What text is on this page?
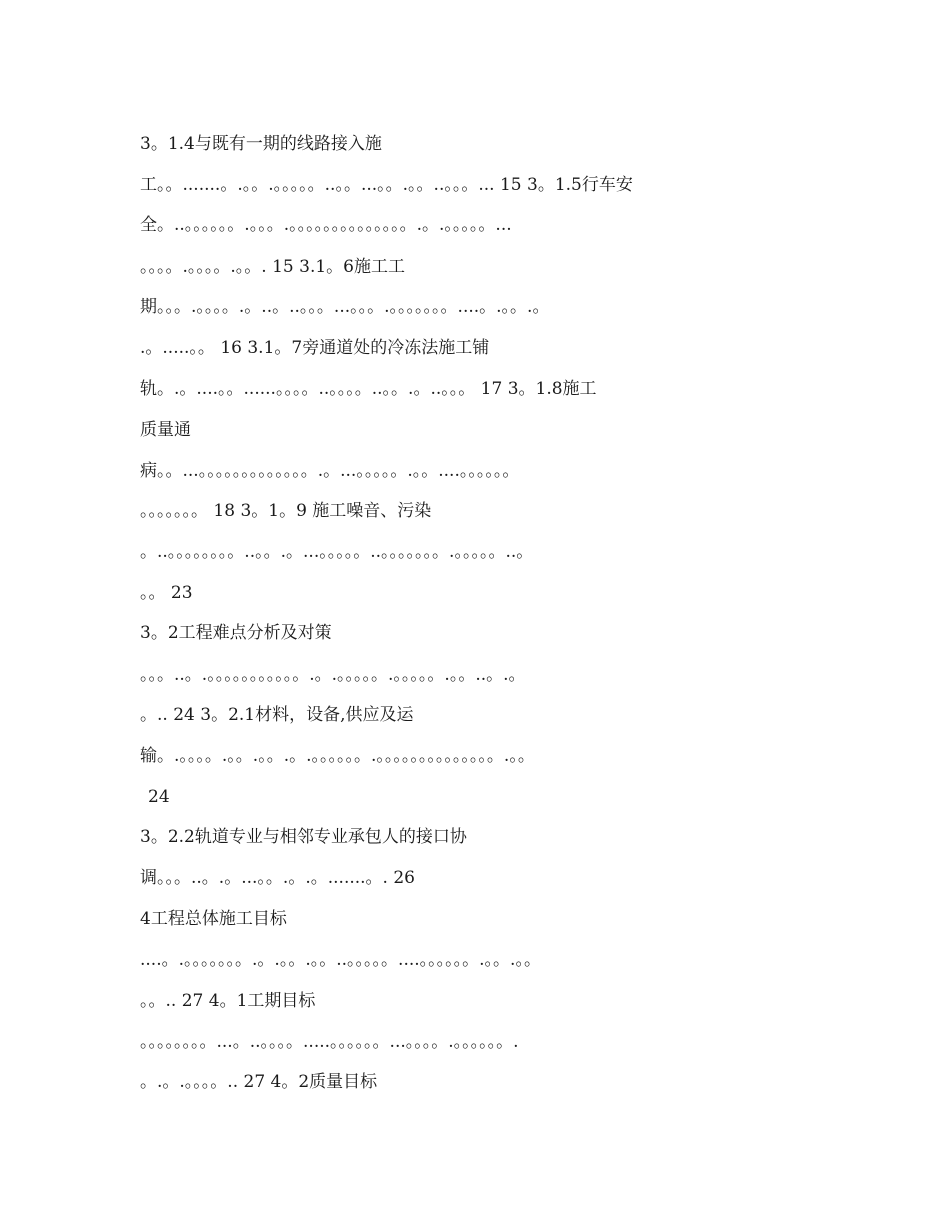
3。1.4与既有一期的线路接入施
工。。.......。.。。.。。。。。..。。...。。.。。..。。。... 15 3。1.5行车安
全。..。。。。。。.。。。.。。。。。。。。。。。。。。.。.。。。。。...
。。。。.。。。。.。。. 15 3.1。6施工工
期。。。.。。。。.。..。..。。。...。。。.。。。。。。。....。.。。.。
.。.....。。 16 3.1。7旁通道处的冷冻法施工铺
轨。.。....。。......。。。。..。。。。..。。.。..。。。 17 3。1.8施工
质量通
病。。...。。。。。。。。。。。。。.。...。。。。。.。。....。。。。。。
。。。。。。。 18 3。1。9 施工噪音、污染
。..。。。。。。。。..。。.。...。。。。。..。。。。。。。.。。。。。..。
。。 23
3。2工程难点分析及对策
。。。..。.。。。。。。。。。。。.。.。。。。。.。。。。。.。。..。.。
。.. 24 3。2.1材料，设备,供应及运
输。.。。。。.。。.。。.。.。。。。。。.。。。。。。。。。。。。。。.。。
24
3。2.2轨道专业与相邻专业承包人的接口协
调。。。..。.。...。。.。.。.......。. 26
4工程总体施工目标
....。.。。。。。。。.。.。。.。。..。。。。。....。。。。。。.。。.。。
。。.. 27 4。1工期目标
。。。。。。。。...。..。。。。.....。。。。。。...。。。。.。。。。。。.
。.。.。。。。.. 27 4。2质量目标
